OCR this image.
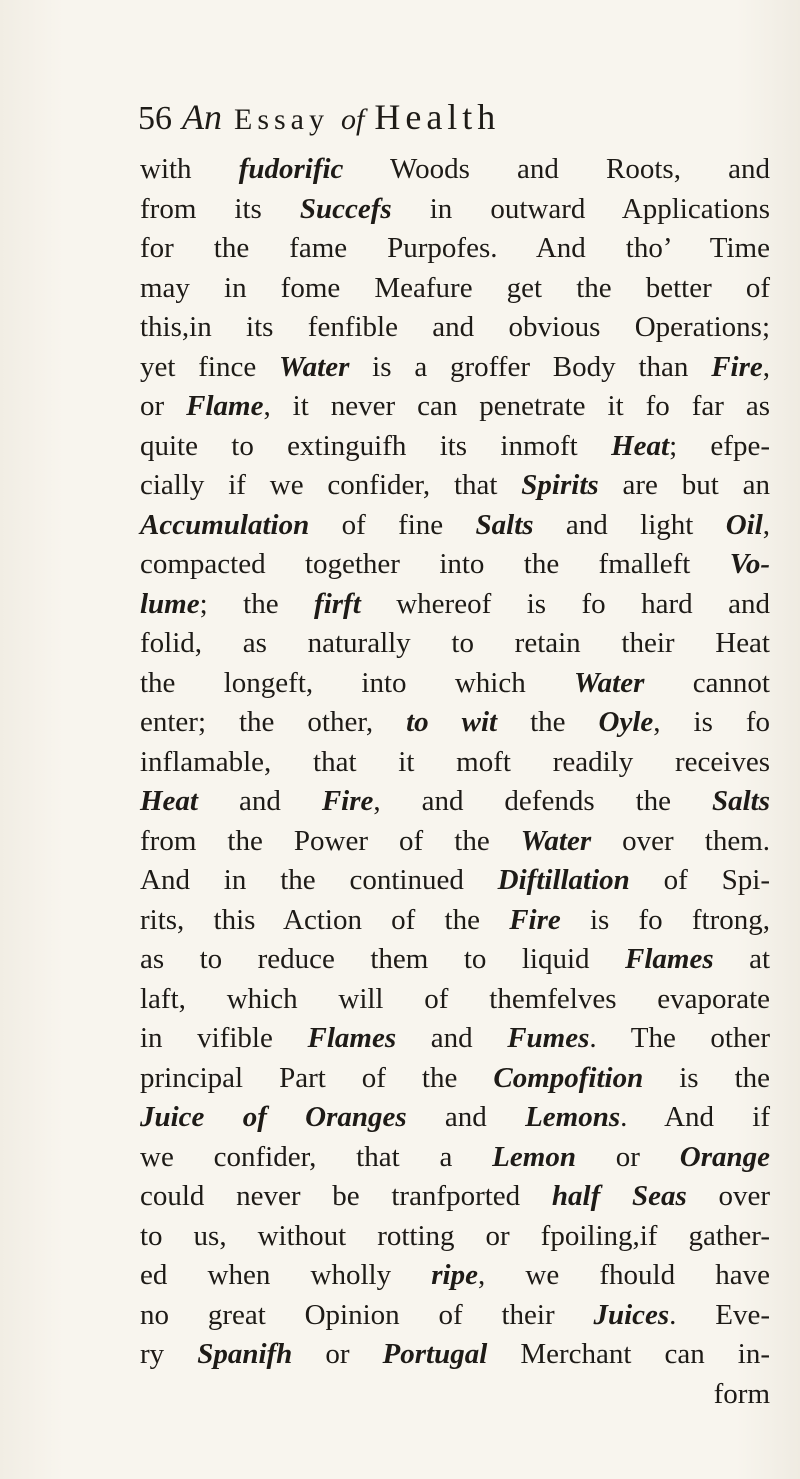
56 An Essay of Health
with fudorific Woods and Roots, and
from its Succefs in outward Applications
for the fame Purpofes. And tho’ Time
may in fome Meafure get the better of
this,in its fenfible and obvious Operations;
yet fince Water is a groffer Body than Fire,
or Flame, it never can penetrate it fo far as
quite to extinguifh its inmoft Heat; efpe-
cially if we confider, that Spirits are but an
Accumulation of fine Salts and light Oil,
compacted together into the fmalleft Vo-
lume; the firft whereof is fo hard and
folid, as naturally to retain their Heat
the longeft, into which Water cannot
enter; the other, to wit the Oyle, is fo
inflamable, that it moft readily receives
Heat and Fire, and defends the Salts
from the Power of the Water over them.
And in the continued Diftillation of Spi-
rits, this Action of the Fire is fo ftrong,
as to reduce them to liquid Flames at
laft, which will of themfelves evaporate
in vifible Flames and Fumes. The other
principal Part of the Compofition is the
Juice of Oranges and Lemons. And if
we confider, that a Lemon or Orange
could never be tranfported half Seas over
to us, without rotting or fpoiling,if gather-
ed when wholly ripe, we fhould have
no great Opinion of their Juices. Eve-
ry Spanifh or Portugal Merchant can in-
form
